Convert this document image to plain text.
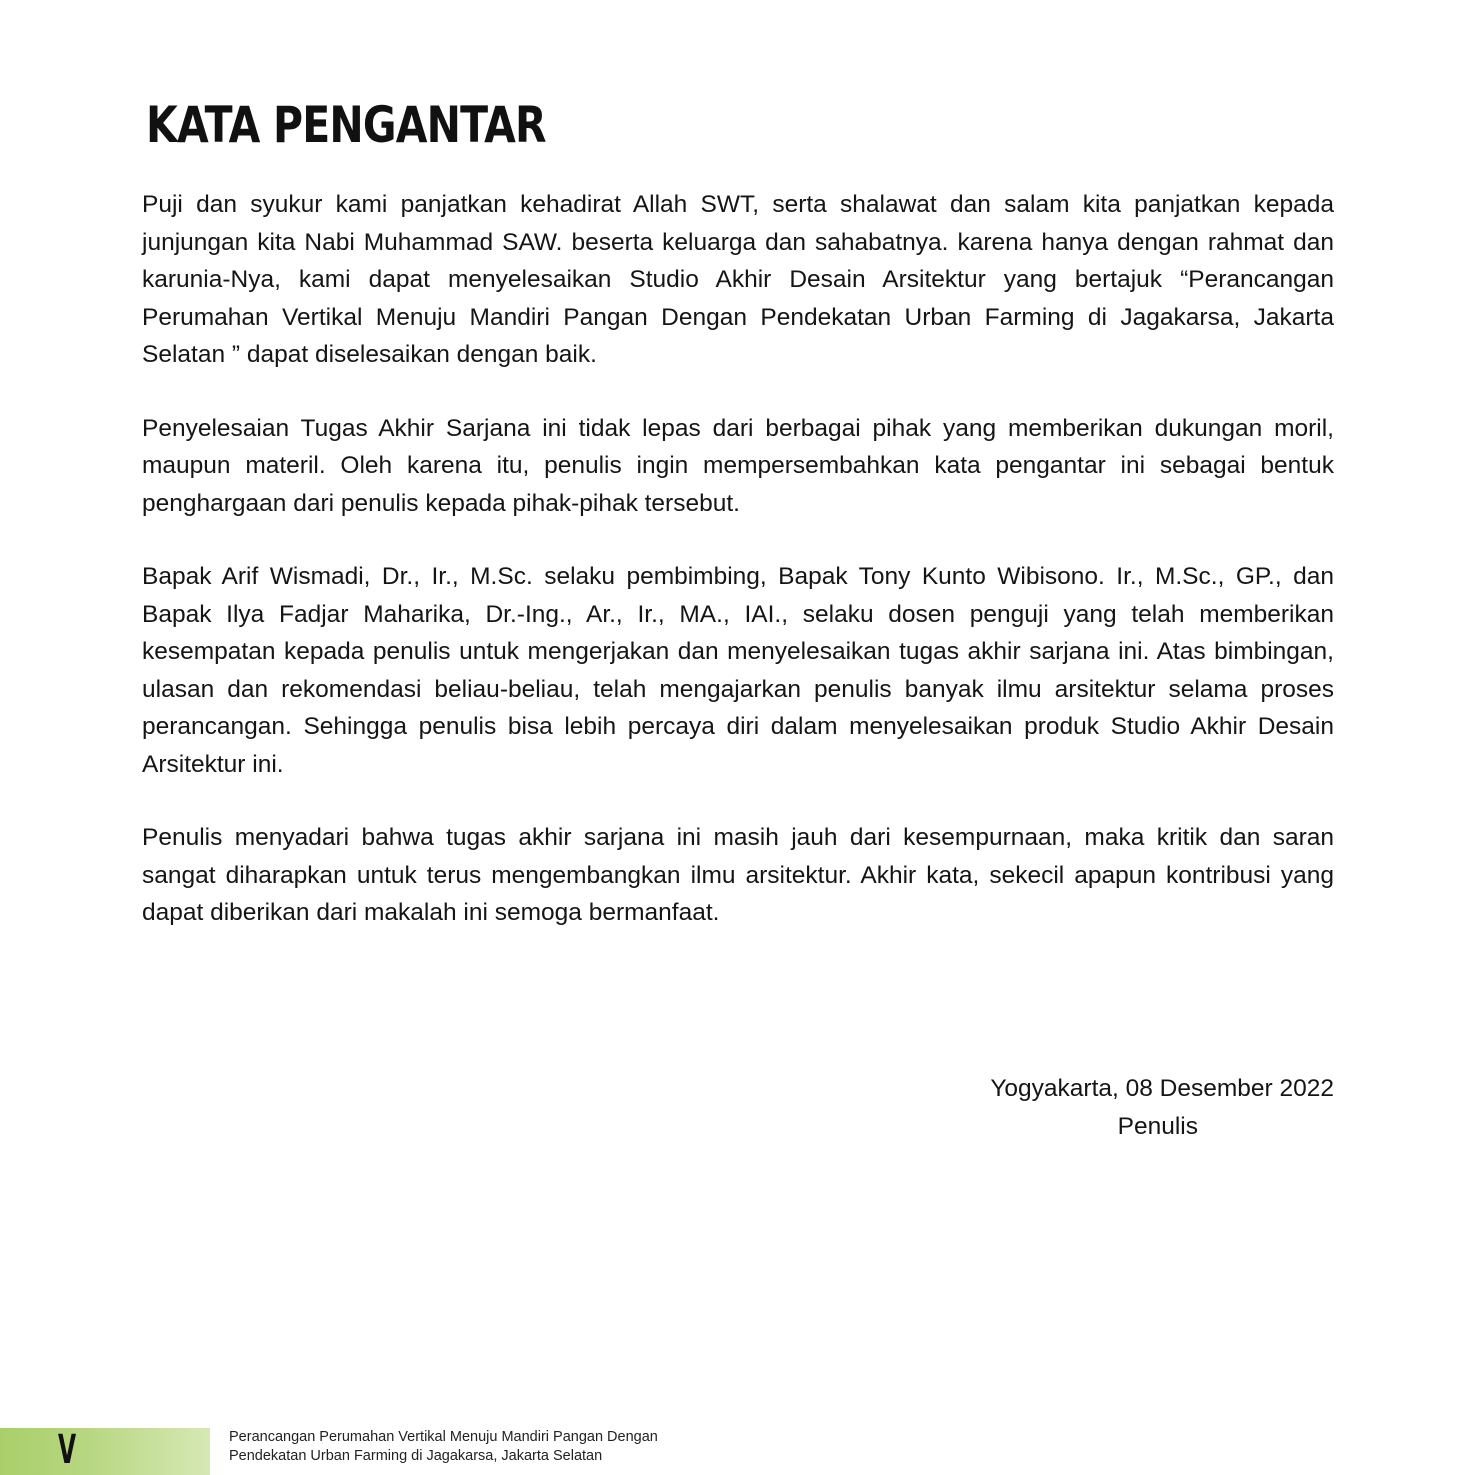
KATA PENGANTAR

Puji dan syukur kami panjatkan kehadirat Allah SWT, serta shalawat dan salam kita panjatkan kepada junjungan kita Nabi Muhammad SAW. beserta keluarga dan sahabatnya. karena hanya dengan rahmat dan karunia-Nya, kami dapat menyelesaikan Studio Akhir Desain Arsitektur yang bertajuk “Perancangan Perumahan Vertikal Menuju Mandiri Pangan Dengan Pendekatan Urban Farming di Jagakarsa, Jakarta Selatan ” dapat diselesaikan dengan baik.

Penyelesaian Tugas Akhir Sarjana ini tidak lepas dari berbagai pihak yang memberikan dukungan moril, maupun materil. Oleh karena itu, penulis ingin mempersembahkan kata pengantar ini sebagai bentuk penghargaan dari penulis kepada pihak-pihak tersebut.

Bapak Arif Wismadi, Dr., Ir., M.Sc. selaku pembimbing, Bapak Tony Kunto Wibisono. Ir., M.Sc., GP., dan Bapak Ilya Fadjar Maharika, Dr.-Ing., Ar., Ir., MA., IAI., selaku dosen penguji yang telah memberikan kesempatan kepada penulis untuk mengerjakan dan menyelesaikan tugas akhir sarjana ini. Atas bimbingan, ulasan dan rekomendasi beliau-beliau, telah mengajarkan penulis banyak ilmu arsitektur selama proses perancangan. Sehingga penulis bisa lebih percaya diri dalam menyelesaikan produk Studio Akhir Desain Arsitektur ini.

Penulis menyadari bahwa tugas akhir sarjana ini masih jauh dari kesempurnaan, maka kritik dan saran sangat diharapkan untuk terus mengembangkan ilmu arsitektur. Akhir kata, sekecil apapun kontribusi yang dapat diberikan dari makalah ini semoga bermanfaat.

Yogyakarta, 08 Desember 2022
Penulis
V	Perancangan Perumahan Vertikal Menuju Mandiri Pangan Dengan
Pendekatan Urban Farming di Jagakarsa, Jakarta Selatan
